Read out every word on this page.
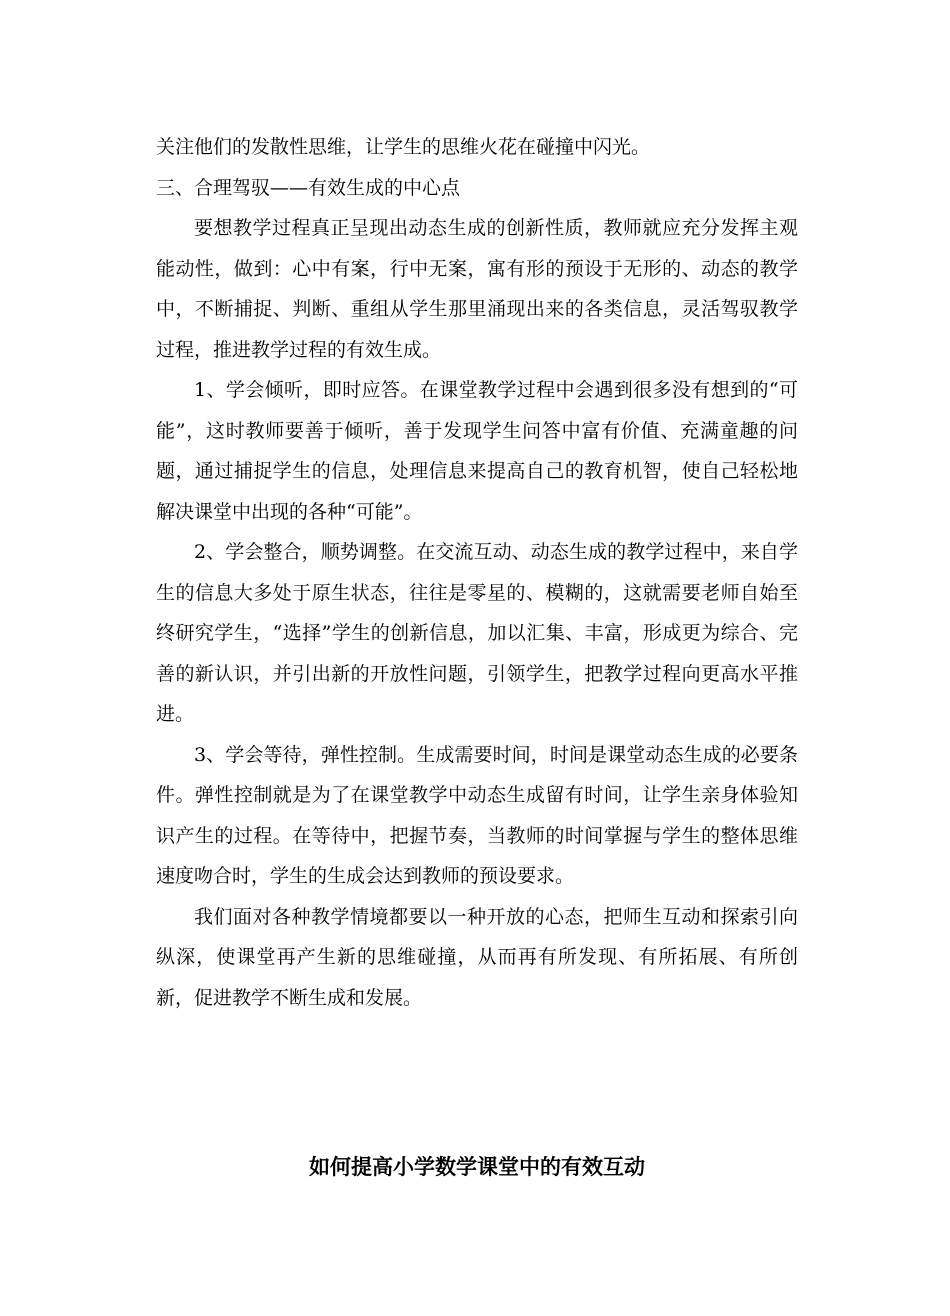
关注他们的发散性思维，让学生的思维火花在碰撞中闪光。

三、合理驾驭——有效生成的中心点

要想教学过程真正呈现出动态生成的创新性质，教师就应充分发挥主观能动性，做到：心中有案，行中无案，寓有形的预设于无形的、动态的教学中，不断捕捉、判断、重组从学生那里涌现出来的各类信息，灵活驾驭教学过程，推进教学过程的有效生成。

1、学会倾听，即时应答。在课堂教学过程中会遇到很多没有想到的“可能”，这时教师要善于倾听，善于发现学生问答中富有价值、充满童趣的问题，通过捕捉学生的信息，处理信息来提高自己的教育机智，使自己轻松地解决课堂中出现的各种“可能”。

2、学会整合，顺势调整。在交流互动、动态生成的教学过程中，来自学生的信息大多处于原生状态，往往是零星的、模糊的，这就需要老师自始至终研究学生，“选择”学生的创新信息，加以汇集、丰富，形成更为综合、完善的新认识，并引出新的开放性问题，引领学生，把教学过程向更高水平推进。

3、学会等待，弹性控制。生成需要时间，时间是课堂动态生成的必要条件。弹性控制就是为了在课堂教学中动态生成留有时间，让学生亲身体验知识产生的过程。在等待中，把握节奏，当教师的时间掌握与学生的整体思维速度吻合时，学生的生成会达到教师的预设要求。

我们面对各种教学情境都要以一种开放的心态，把师生互动和探索引向纵深，使课堂再产生新的思维碰撞，从而再有所发现、有所拓展、有所创新，促进教学不断生成和发展。

如何提高小学数学课堂中的有效互动
